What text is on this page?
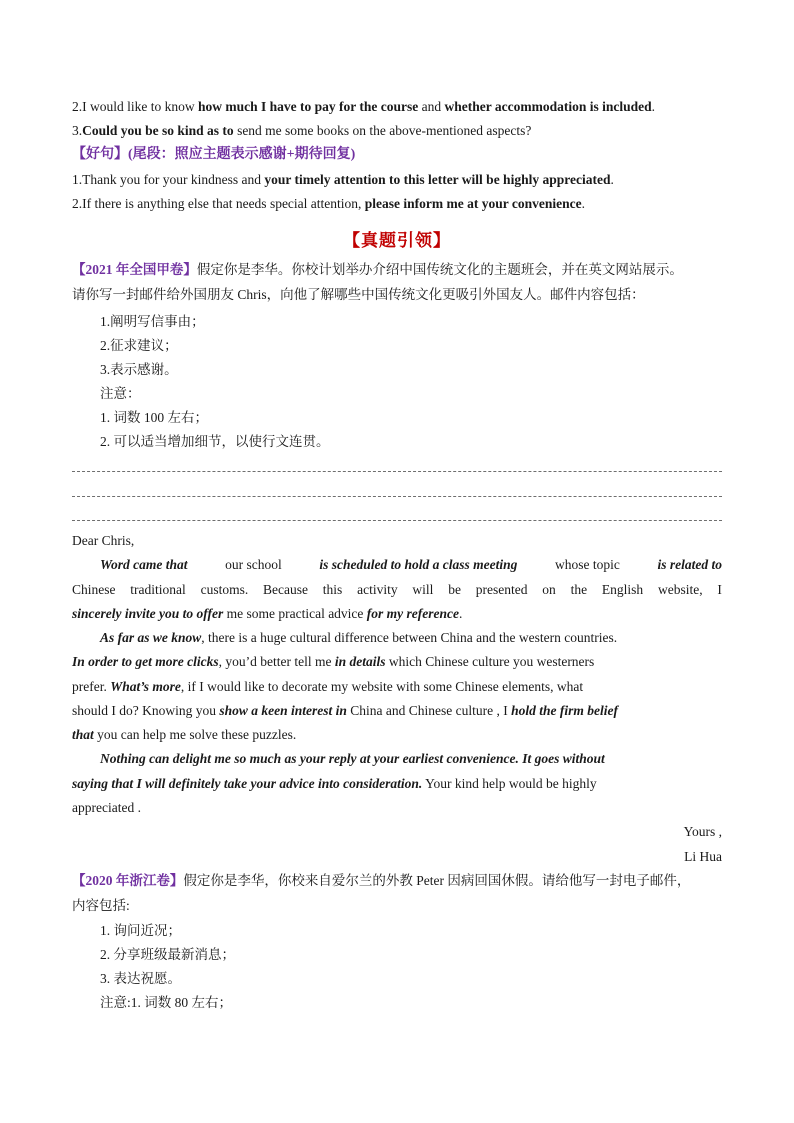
2.I would like to know how much I have to pay for the course and whether accommodation is included.
3.Could you be so kind as to send me some books on the above-mentioned aspects?
【好句】(尾段：照应主题表示感谢+期待回复)
1.Thank you for your kindness and your timely attention to this letter will be highly appreciated.
2.If there is anything else that needs special attention, please inform me at your convenience.
【真题引领】
【2021 年全国甲卷】假定你是李华。你校计划举办介绍中国传统文化的主题班会，并在英文网站展示。
请你写一封邮件给外国朋友 Chris，向他了解哪些中国传统文化更吸引外国友人。邮件内容包括：
1.阐明写信事由；
2.征求建议；
3.表示感谢。
注意：
1. 词数 100 左右；
2. 可以适当增加细节，以使行文连贯。
Dear Chris,
Word came that	our school	is scheduled to hold a class meeting	whose topic	is related to
Chinese traditional customs. Because this activity will be presented on the English website, I
sincerely invite you to offer me some practical advice for my reference.
As far as we know, there is a huge cultural difference between China and the western countries.
In order to get more clicks, you’d better tell me in details which Chinese culture you westerners
prefer. What’s more, if I would like to decorate my website with some Chinese elements, what
should I do? Knowing you show a keen interest in China and Chinese culture , I hold the firm belief
that you can help me solve these puzzles.
Nothing can delight me so much as your reply at your earliest convenience. It goes without
saying that I will definitely take your advice into consideration. Your kind help would be highly
appreciated .
Yours ,
Li Hua
【2020 年浙江卷】假定你是李华，你校来自爱尔兰的外教 Peter 因病回国休假。请给他写一封电子邮件，
内容包括:
1. 询问近况；
2. 分享班级最新消息；
3. 表达祝愿。
注意:1. 词数 80 左右；
